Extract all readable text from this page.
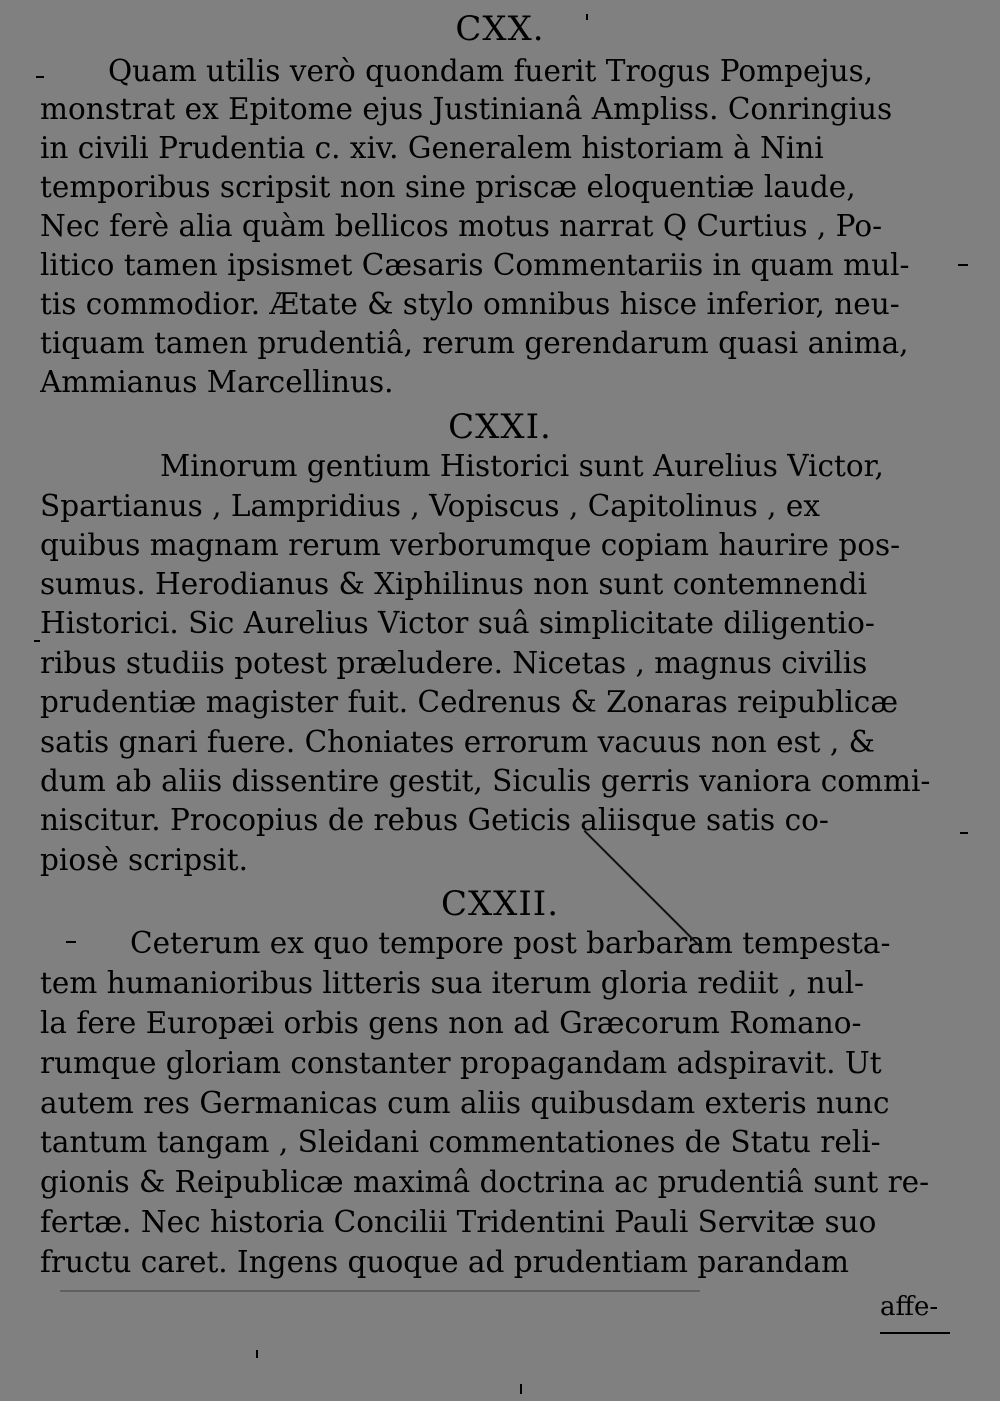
CXX.
Quam utilis verò quondam fuerit Trogus Pompejus,
monstrat ex Epitome ejus Justinianâ Ampliss. Conringius
in civili Prudentia c. xiv. Generalem historiam à Nini
temporibus scripsit non sine priscæ eloquentiæ laude,
Nec ferè alia quàm bellicos motus narrat Q Curtius , Po-
litico tamen ipsismet Cæsaris Commentariis in quam mul-
tis commodior. Ætate & stylo omnibus hisce inferior, neu-
tiquam tamen prudentiâ, rerum gerendarum quasi anima,
Ammianus Marcellinus.
CXXI.
Minorum gentium Historici sunt Aurelius Victor,
Spartianus , Lampridius , Vopiscus , Capitolinus , ex
quibus magnam rerum verborumque copiam haurire pos-
sumus. Herodianus & Xiphilinus non sunt contemnendi
Historici. Sic Aurelius Victor suâ simplicitate diligentio-
ribus studiis potest præludere. Nicetas , magnus civilis
prudentiæ magister fuit. Cedrenus & Zonaras reipublicæ
satis gnari fuere. Choniates errorum vacuus non est , &
dum ab aliis dissentire gestit, Siculis gerris vaniora commi-
niscitur. Procopius de rebus Geticis aliisque satis co-
piosè scripsit.
CXXII.
Ceterum ex quo tempore post barbaram tempesta-
tem humanioribus litteris sua iterum gloria rediit , nul-
la fere Europæi orbis gens non ad Græcorum Romano-
rumque gloriam constanter propagandam adspiravit. Ut
autem res Germanicas cum aliis quibusdam exteris nunc
tantum tangam , Sleidani commentationes de Statu reli-
gionis & Reipublicæ maximâ doctrina ac prudentiâ sunt re-
fertæ. Nec historia Concilii Tridentini Pauli Servitæ suo
fructu caret. Ingens quoque ad prudentiam parandam
affe-
